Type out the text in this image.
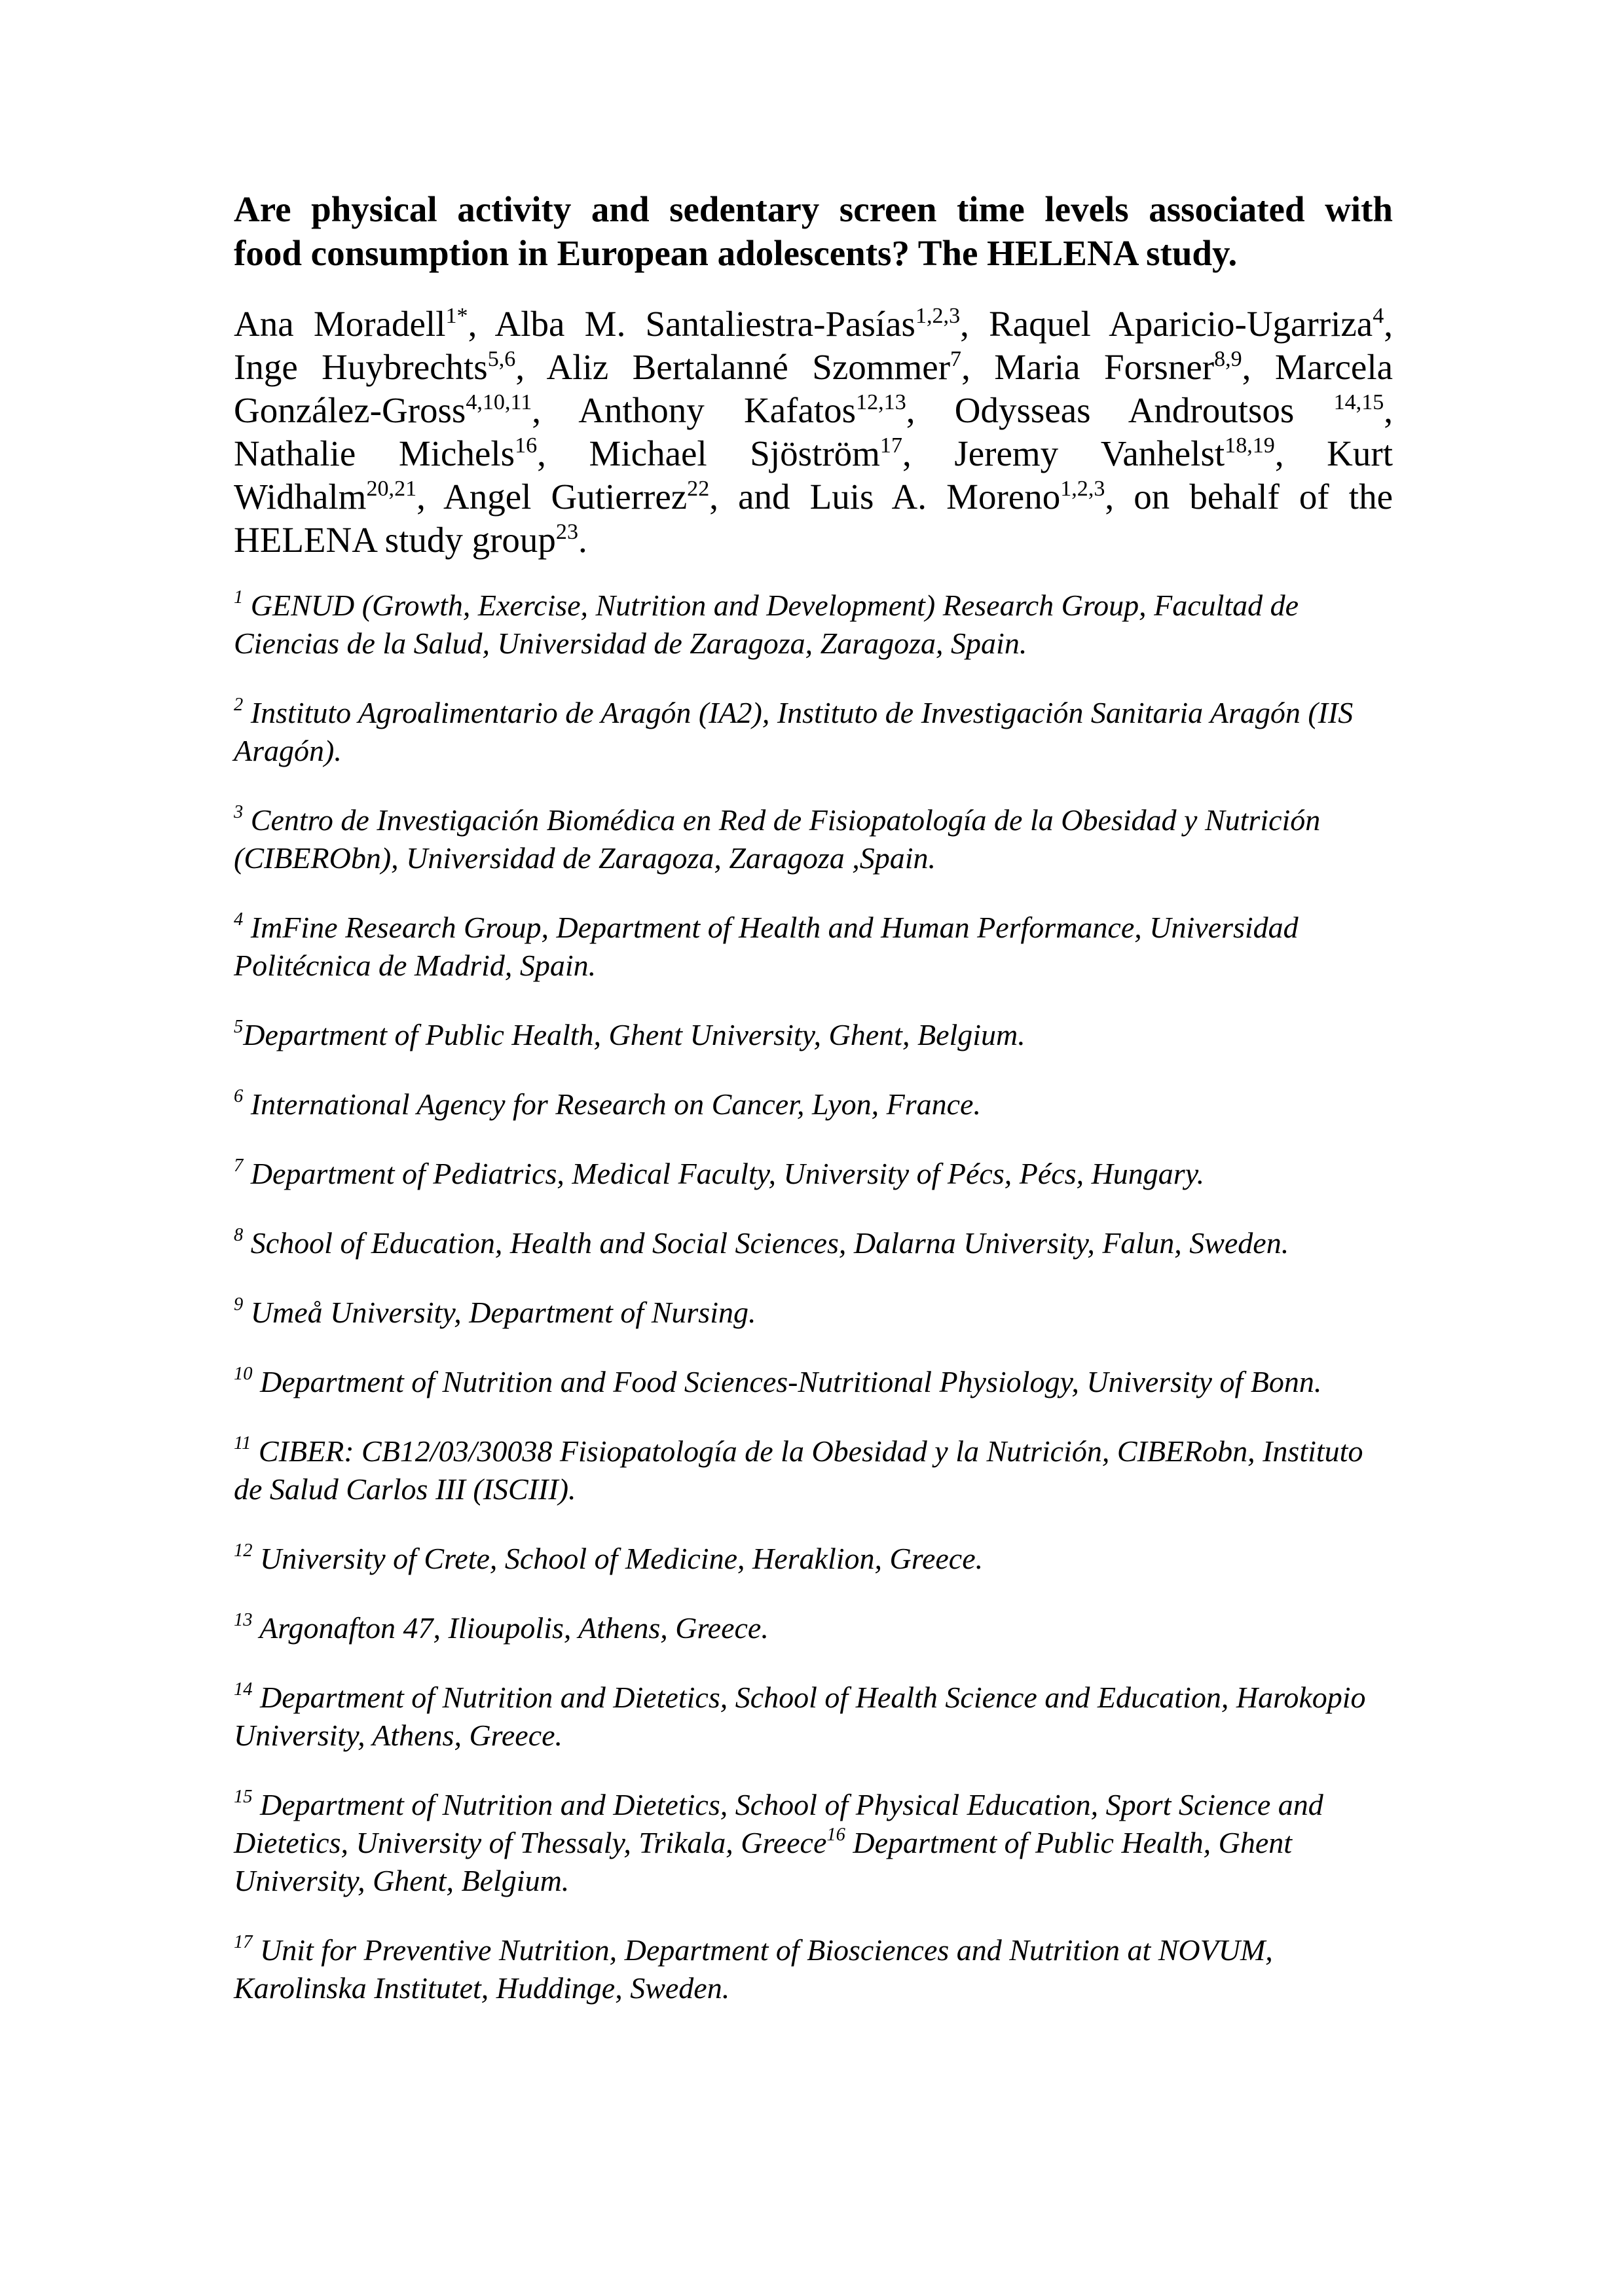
Are physical activity and sedentary screen time levels associated with
food consumption in European adolescents? The HELENA study.
Ana Moradell$^{1*}$, Alba M. Santaliestra-Pasías$^{1,2,3}$, Raquel Aparicio-Ugarriza$^4$,
Inge Huybrechts$^{5,6}$, Aliz Bertalanné Szommer$^7$, Maria Forsner$^{8,9}$, Marcela
González-Gross$^{4,10,11}$, Anthony Kafatos$^{12,13}$, Odysseas Androutsos $^{14,15}$,
Nathalie Michels$^{16}$, Michael Sjöström$^{17}$, Jeremy Vanhelst$^{18,19}$, Kurt
Widhalm$^{20,21}$, Angel Gutierrez$^{22}$, and Luis A. Moreno$^{1,2,3}$, on behalf of the
HELENA study group$^{23}$.

$^1$ GENUD (Growth, Exercise, Nutrition and Development) Research Group, Facultad de Ciencias de la Salud, Universidad de Zaragoza, Zaragoza, Spain.

$^2$ Instituto Agroalimentario de Aragón (IA2), Instituto de Investigación Sanitaria Aragón (IIS Aragón).

$^3$ Centro de Investigación Biomédica en Red de Fisiopatología de la Obesidad y Nutrición (CIBERObn), Universidad de Zaragoza, Zaragoza ,Spain.

$^4$ ImFine Research Group, Department of Health and Human Performance, Universidad Politécnica de Madrid, Spain.

$^5$Department of Public Health, Ghent University, Ghent, Belgium.

$^6$ International Agency for Research on Cancer, Lyon, France.

$^7$ Department of Pediatrics, Medical Faculty, University of Pécs, Pécs, Hungary.

$^8$ School of Education, Health and Social Sciences, Dalarna University, Falun, Sweden.

$^9$ Umeå University, Department of Nursing.

$^{10}$ Department of Nutrition and Food Sciences-Nutritional Physiology, University of Bonn.

$^{11}$ CIBER: CB12/03/30038 Fisiopatología de la Obesidad y la Nutrición, CIBERobn, Instituto de Salud Carlos III (ISCIII).

$^{12}$ University of Crete, School of Medicine, Heraklion, Greece.

$^{13}$ Argonafton 47, Ilioupolis, Athens, Greece.

$^{14}$ Department of Nutrition and Dietetics, School of Health Science and Education, Harokopio University, Athens, Greece.

$^{15}$ Department of Nutrition and Dietetics, School of Physical Education, Sport Science and Dietetics, University of Thessaly, Trikala, Greece$^{16}$ Department of Public Health, Ghent University, Ghent, Belgium.

$^{17}$ Unit for Preventive Nutrition, Department of Biosciences and Nutrition at NOVUM, Karolinska Institutet, Huddinge, Sweden.
